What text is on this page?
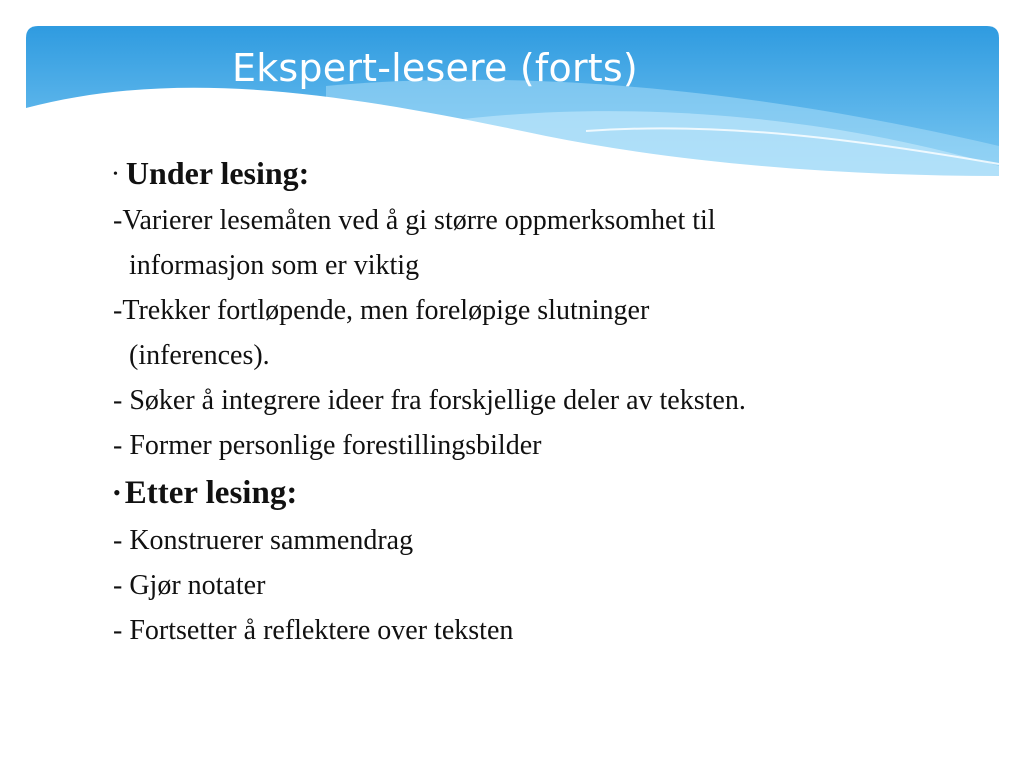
Ekspert-lesere (forts)
• Under lesing:
-Varierer lesemåten ved å gi større oppmerksomhet til
informasjon som er viktig
-Trekker fortløpende, men foreløpige slutninger
(inferences).
- Søker å integrere ideer fra forskjellige deler av teksten.
- Former personlige forestillingsbilder
• Etter lesing:
- Konstruerer sammendrag
- Gjør notater
- Fortsetter å reflektere over teksten
